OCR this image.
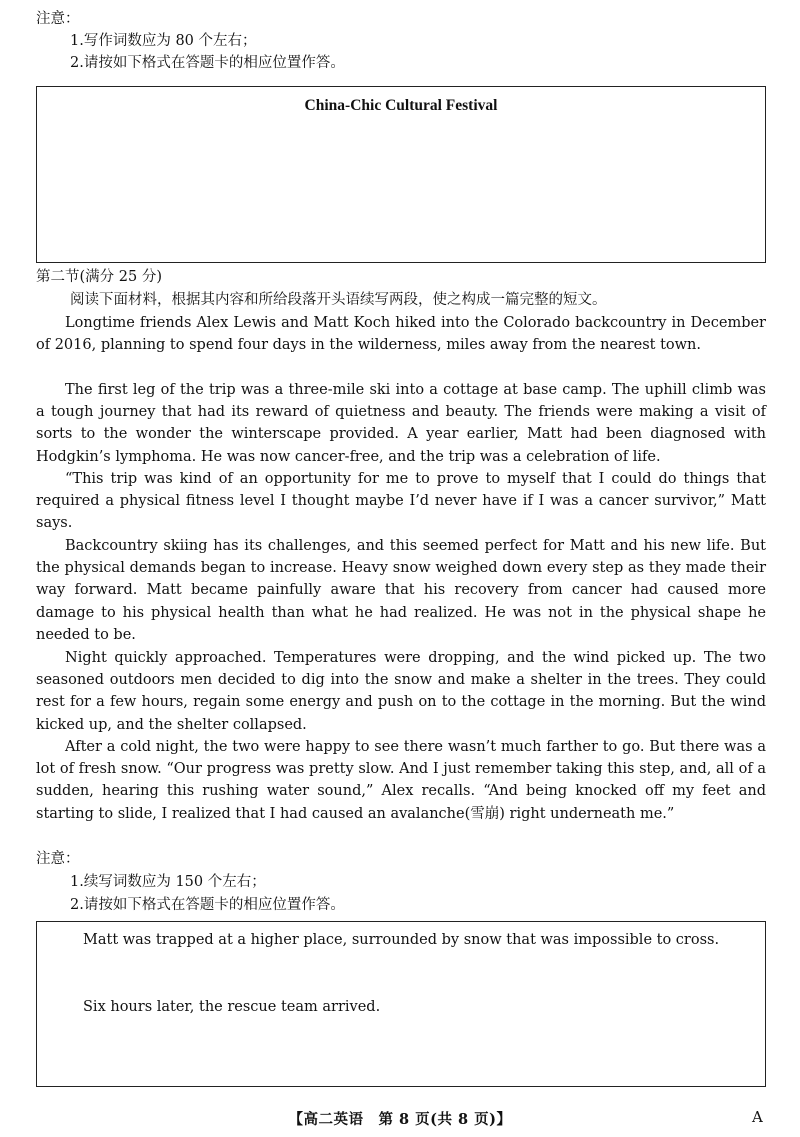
注意：
1.写作词数应为 80 个左右；
2.请按如下格式在答题卡的相应位置作答。
China-Chic Cultural Festival
第二节(满分 25 分)
阅读下面材料，根据其内容和所给段落开头语续写两段，使之构成一篇完整的短文。

Longtime friends Alex Lewis and Matt Koch hiked into the Colorado backcountry in December of 2016, planning to spend four days in the wilderness, miles away from the nearest town.

The first leg of the trip was a three-mile ski into a cottage at base camp. The uphill climb was a tough journey that had its reward of quietness and beauty. The friends were making a visit of sorts to the wonder the winterscape provided. A year earlier, Matt had been diagnosed with Hodgkin’s lymphoma. He was now cancer-free, and the trip was a celebration of life.

“This trip was kind of an opportunity for me to prove to myself that I could do things that required a physical fitness level I thought maybe I’d never have if I was a cancer survivor,” Matt says.

Backcountry skiing has its challenges, and this seemed perfect for Matt and his new life. But the physical demands began to increase. Heavy snow weighed down every step as they made their way forward. Matt became painfully aware that his recovery from cancer had caused more damage to his physical health than what he had realized. He was not in the physical shape he needed to be.

Night quickly approached. Temperatures were dropping, and the wind picked up. The two seasoned outdoors men decided to dig into the snow and make a shelter in the trees. They could rest for a few hours, regain some energy and push on to the cottage in the morning. But the wind kicked up, and the shelter collapsed.

After a cold night, the two were happy to see there wasn’t much farther to go. But there was a lot of fresh snow. “Our progress was pretty slow. And I just remember taking this step, and, all of a sudden, hearing this rushing water sound,” Alex recalls. “And being knocked off my feet and starting to slide, I realized that I had caused an avalanche(雪崩) right underneath me.”

注意：
1.续写词数应为 150 个左右；
2.请按如下格式在答题卡的相应位置作答。
Matt was trapped at a higher place, surrounded by snow that was impossible to cross.
Six hours later, the rescue team arrived.
【高二英语　第 8 页(共 8 页)】	A
